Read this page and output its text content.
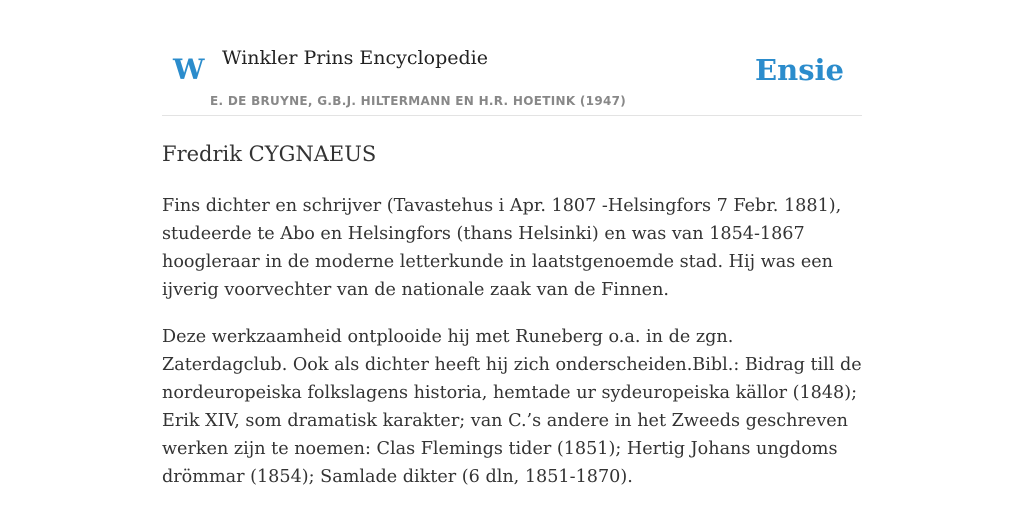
W Winkler Prins Encyclopedie
E. DE BRUYNE, G.B.J. HILTERMANN EN H.R. HOETINK (1947)
Ensie
Fredrik CYGNAEUS

Fins dichter en schrijver (Tavastehus i Apr. 1807 -Helsingfors 7 Febr. 1881), studeerde te Abo en Helsingfors (thans Helsinki) en was van 1854-1867 hoogleraar in de moderne letterkunde in laatstgenoemde stad. Hij was een ijverig voorvechter van de nationale zaak van de Finnen.

Deze werkzaamheid ontplooide hij met Runeberg o.a. in de zgn. Zaterdagclub. Ook als dichter heeft hij zich onderscheiden.Bibl.: Bidrag till de nordeuropeiska folkslagens historia, hemtade ur sydeuropeiska källor (1848); Erik XIV, som dramatisk karakter; van C.’s andere in het Zweeds geschreven werken zijn te noemen: Clas Flemings tider (1851); Hertig Johans ungdoms drömmar (1854); Samlade dikter (6 dln, 1851-1870).
